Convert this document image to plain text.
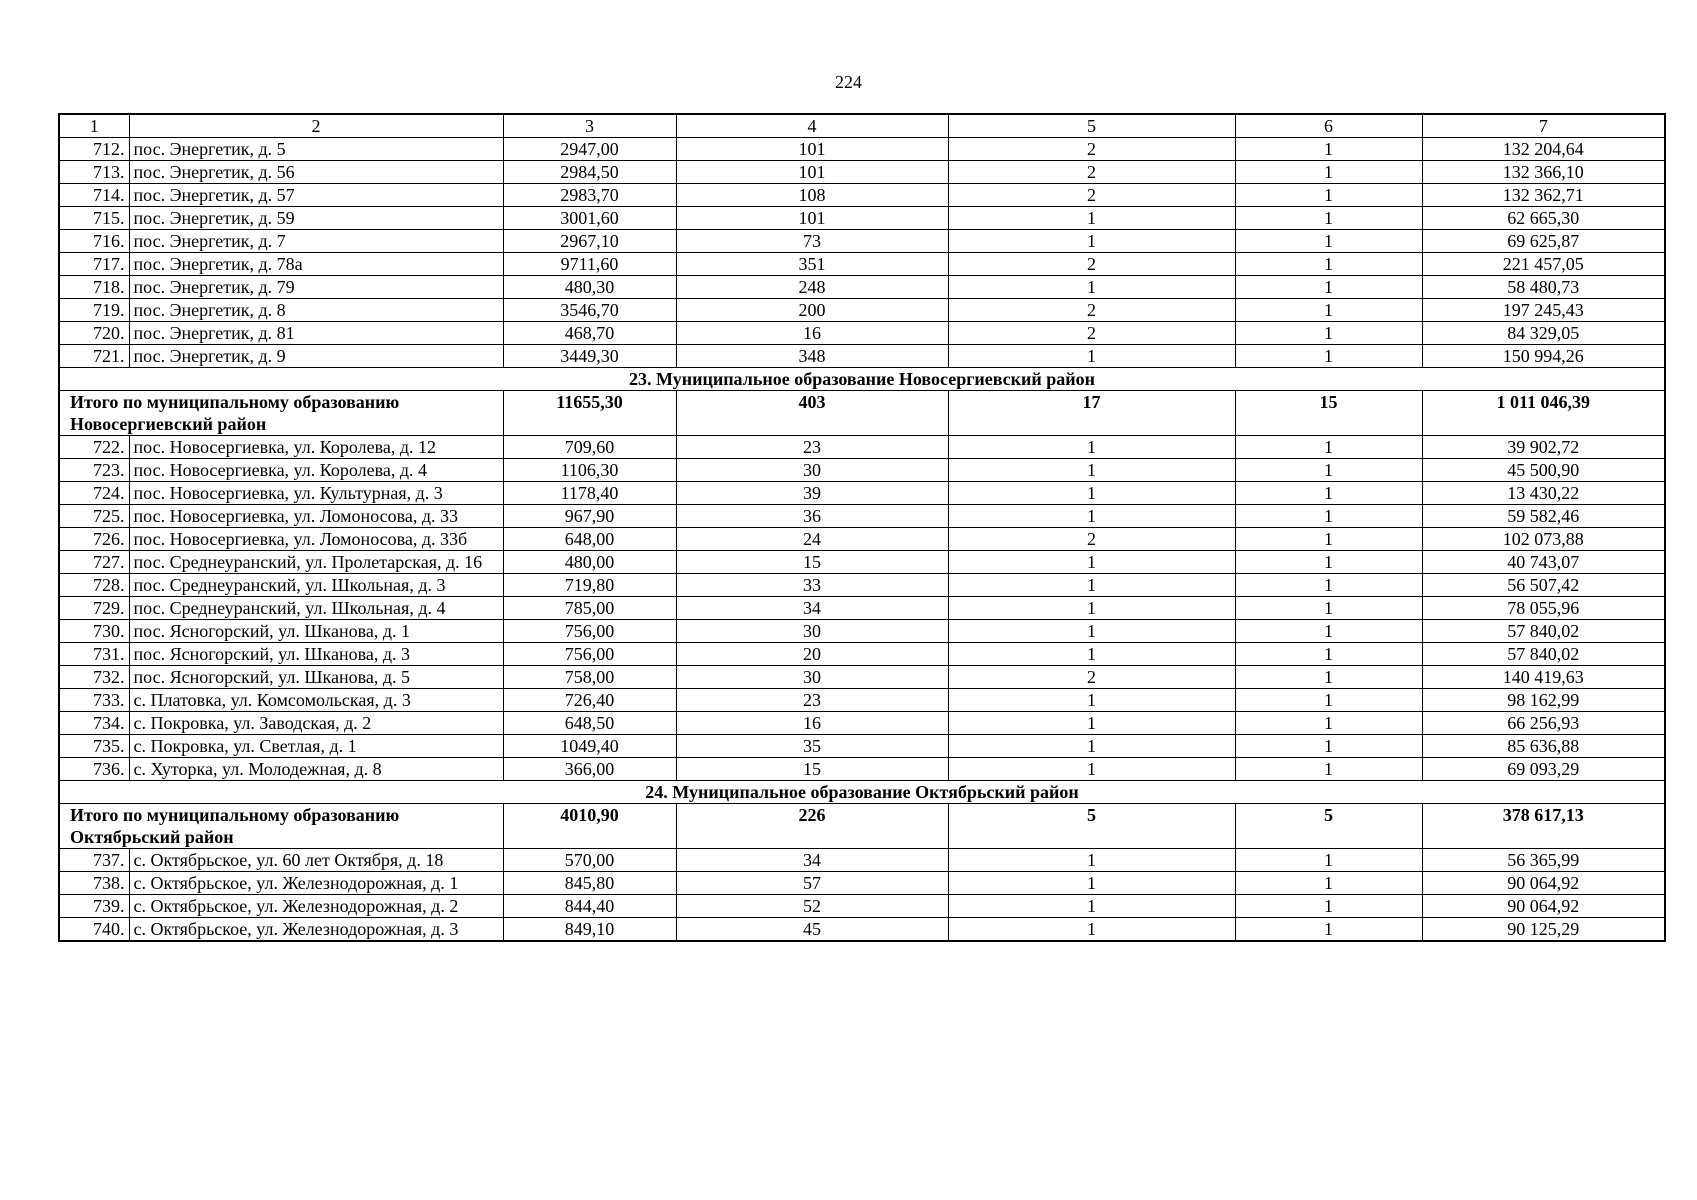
224
1	2	3	4	5	6	7
712.	пос. Энергетик, д. 5	2947,00	101	2	1	132 204,64
713.	пос. Энергетик, д. 56	2984,50	101	2	1	132 366,10
714.	пос. Энергетик, д. 57	2983,70	108	2	1	132 362,71
715.	пос. Энергетик, д. 59	3001,60	101	1	1	62 665,30
716.	пос. Энергетик, д. 7	2967,10	73	1	1	69 625,87
717.	пос. Энергетик, д. 78а	9711,60	351	2	1	221 457,05
718.	пос. Энергетик, д. 79	480,30	248	1	1	58 480,73
719.	пос. Энергетик, д. 8	3546,70	200	2	1	197 245,43
720.	пос. Энергетик, д. 81	468,70	16	2	1	84 329,05
721.	пос. Энергетик, д. 9	3449,30	348	1	1	150 994,26
23. Муниципальное образование Новосергиевский район						
Итого по муниципальному образованию Новосергиевский район		11655,30	403	17	15	1 011 046,39
722.	пос. Новосергиевка, ул. Королева, д. 12	709,60	23	1	1	39 902,72
723.	пос. Новосергиевка, ул. Королева, д. 4	1106,30	30	1	1	45 500,90
724.	пос. Новосергиевка, ул. Культурная, д. 3	1178,40	39	1	1	13 430,22
725.	пос. Новосергиевка, ул. Ломоносова, д. 33	967,90	36	1	1	59 582,46
726.	пос. Новосергиевка, ул. Ломоносова, д. 33б	648,00	24	2	1	102 073,88
727.	пос. Среднеуранский, ул. Пролетарская, д. 16	480,00	15	1	1	40 743,07
728.	пос. Среднеуранский, ул. Школьная, д. 3	719,80	33	1	1	56 507,42
729.	пос. Среднеуранский, ул. Школьная, д. 4	785,00	34	1	1	78 055,96
730.	пос. Ясногорский, ул. Шканова, д. 1	756,00	30	1	1	57 840,02
731.	пос. Ясногорский, ул. Шканова, д. 3	756,00	20	1	1	57 840,02
732.	пос. Ясногорский, ул. Шканова, д. 5	758,00	30	2	1	140 419,63
733.	с. Платовка, ул. Комсомольская, д. 3	726,40	23	1	1	98 162,99
734.	с. Покровка, ул. Заводская, д. 2	648,50	16	1	1	66 256,93
735.	с. Покровка, ул. Светлая, д. 1	1049,40	35	1	1	85 636,88
736.	с. Хуторка, ул. Молодежная, д. 8	366,00	15	1	1	69 093,29
24. Муниципальное образование Октябрьский район						
Итого по муниципальному образованию Октябрьский район		4010,90	226	5	5	378 617,13
737.	с. Октябрьское, ул. 60 лет Октября, д. 18	570,00	34	1	1	56 365,99
738.	с. Октябрьское, ул. Железнодорожная, д. 1	845,80	57	1	1	90 064,92
739.	с. Октябрьское, ул. Железнодорожная, д. 2	844,40	52	1	1	90 064,92
740.	с. Октябрьское, ул. Железнодорожная, д. 3	849,10	45	1	1	90 125,29
